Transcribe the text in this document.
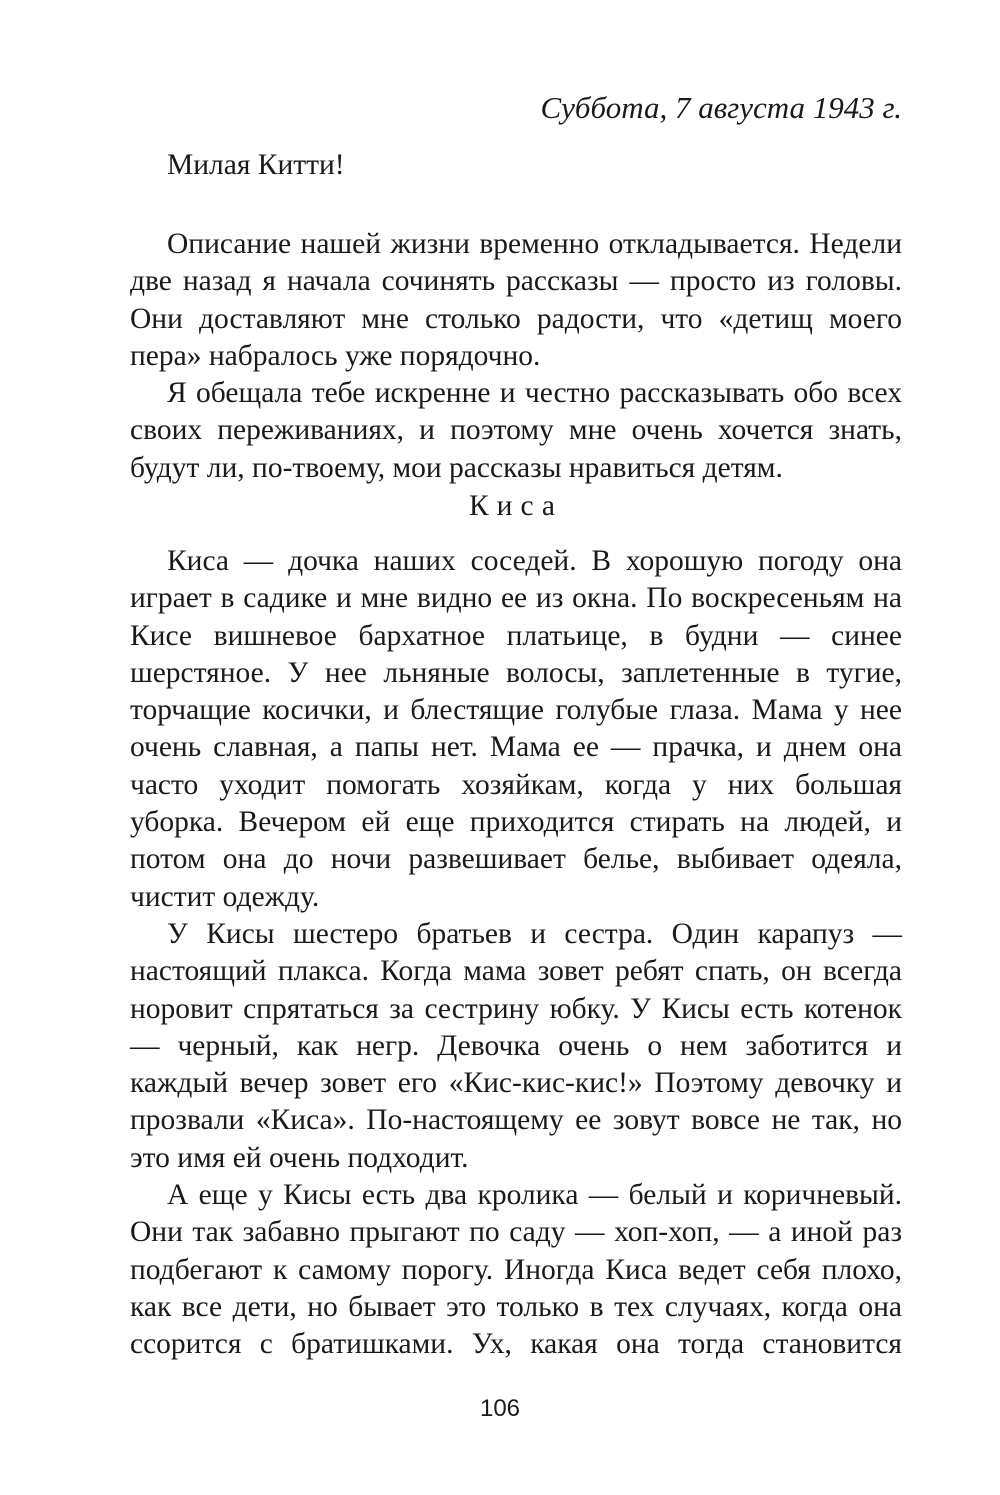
Суббота, 7 августа 1943 г.

Милая Китти!

Описание нашей жизни временно откладывается. Недели две назад я начала сочинять рассказы — просто из головы. Они доставляют мне столько радости, что «детищ моего пера» набралось уже порядочно.

Я обещала тебе искренне и честно рассказывать обо всех своих переживаниях, и поэтому мне очень хочется знать, будут ли, по-твоему, мои рассказы нравиться детям.

Киса

Киса — дочка наших соседей. В хорошую погоду она играет в садике и мне видно ее из окна. По воскресеньям на Кисе вишневое бархатное платьице, в будни — синее шерстяное. У нее льняные волосы, заплетенные в тугие, торчащие косички, и блестящие голубые глаза. Мама у нее очень славная, а папы нет. Мама ее — прачка, и днем она часто уходит помогать хозяйкам, когда у них большая уборка. Вечером ей еще приходится стирать на людей, и потом она до ночи развешивает белье, выбивает одеяла, чистит одежду.

У Кисы шестеро братьев и сестра. Один карапуз — настоящий плакса. Когда мама зовет ребят спать, он всегда норовит спрятаться за сестрину юбку. У Кисы есть котенок — черный, как негр. Девочка очень о нем заботится и каждый вечер зовет его «Кис-кис-кис!» Поэтому девочку и прозвали «Киса». По-настоящему ее зовут вовсе не так, но это имя ей очень подходит.

А еще у Кисы есть два кролика — белый и коричневый. Они так забавно прыгают по саду — хоп-хоп, — а иной раз подбегают к самому порогу. Иногда Киса ведет себя плохо, как все дети, но бывает это только в тех случаях, когда она ссорится с братишками. Ух, какая она тогда становится

106
